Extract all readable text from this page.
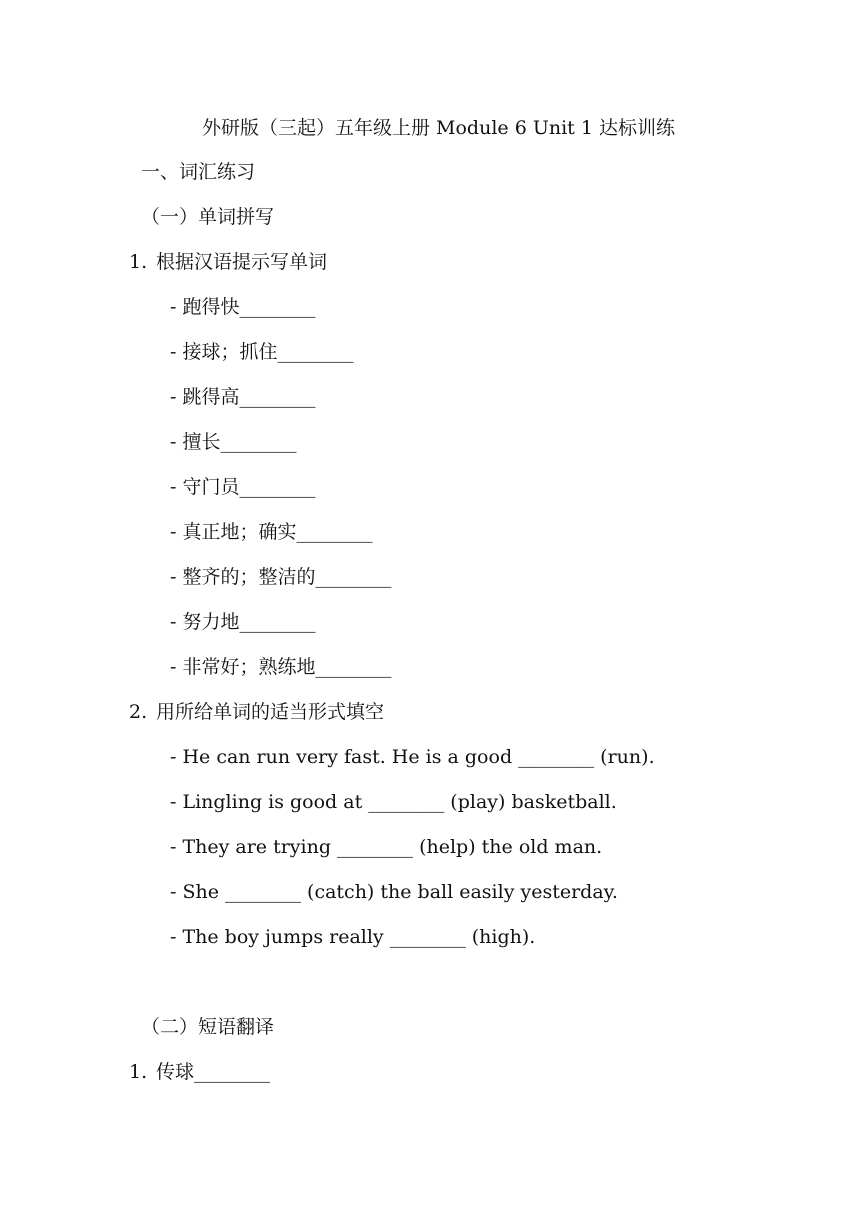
外研版（三起）五年级上册 Module 6 Unit 1 达标训练
一、词汇练习
（一）单词拼写
1. 根据汉语提示写单词
- 跑得快________
- 接球；抓住________
- 跳得高________
- 擅长________
- 守门员________
- 真正地；确实________
- 整齐的；整洁的________
- 努力地________
- 非常好；熟练地________
2. 用所给单词的适当形式填空
- He can run very fast. He is a good ________ (run).
- Lingling is good at ________ (play) basketball.
- They are trying ________ (help) the old man.
- She ________ (catch) the ball easily yesterday.
- The boy jumps really ________ (high).
（二）短语翻译
1. 传球________
